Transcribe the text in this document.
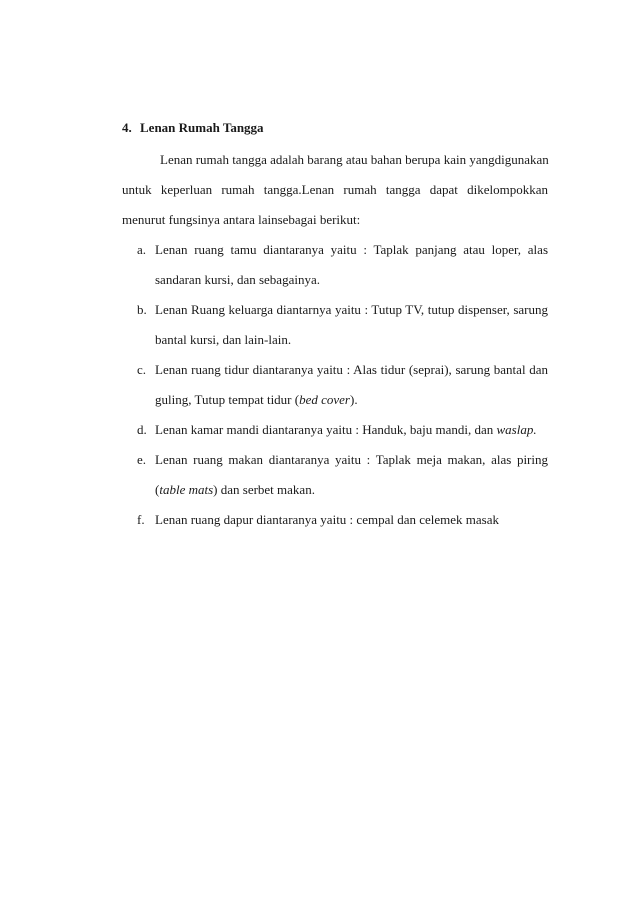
4. Lenan Rumah Tangga
Lenan rumah tangga adalah barang atau bahan berupa kain yangdigunakan
untuk keperluan rumah tangga.Lenan rumah tangga dapat dikelompokkan
menurut fungsinya antara lainsebagai berikut:
a. Lenan ruang tamu diantaranya yaitu : Taplak panjang atau loper, alas
sandaran kursi, dan sebagainya.
b. Lenan Ruang keluarga diantarnya yaitu : Tutup TV, tutup dispenser, sarung
bantal kursi, dan lain-lain.
c. Lenan ruang tidur diantaranya yaitu : Alas tidur (seprai), sarung bantal dan
guling, Tutup tempat tidur (bed cover).
d. Lenan kamar mandi diantaranya yaitu : Handuk, baju mandi, dan waslap.
e. Lenan ruang makan diantaranya yaitu : Taplak meja makan, alas piring
(table mats) dan serbet makan.
f. Lenan ruang dapur diantaranya yaitu : cempal dan celemek masak
